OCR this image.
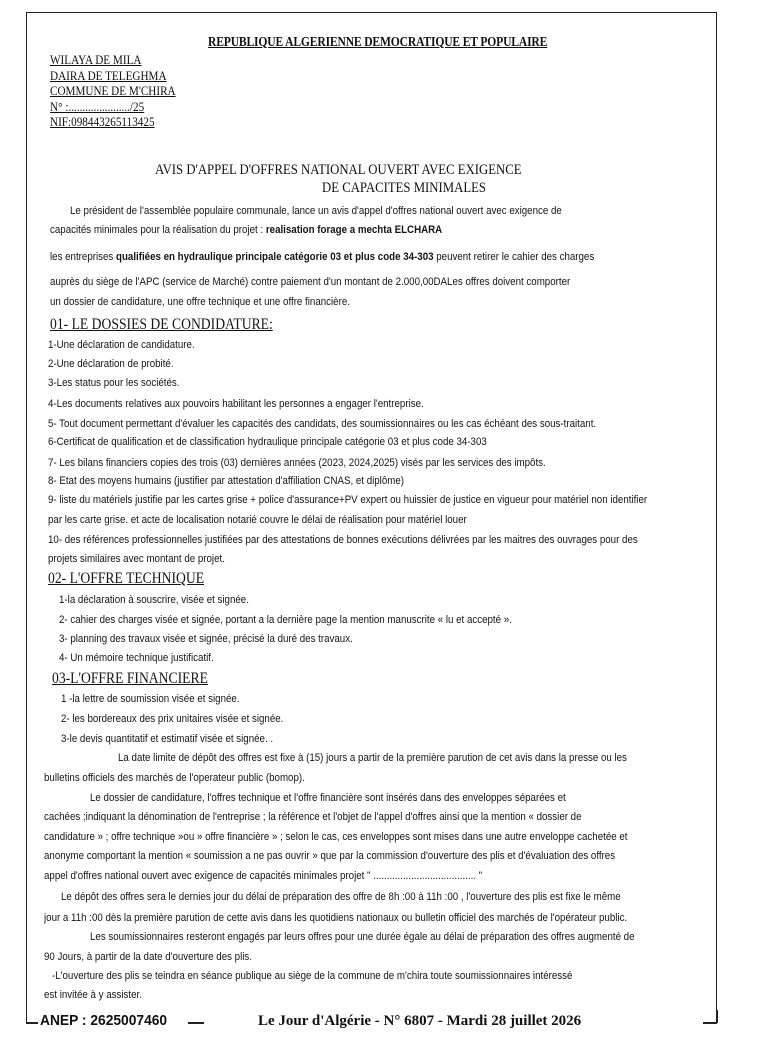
REPUBLIQUE ALGERIENNE DEMOCRATIQUE ET POPULAIRE
WILAYA DE MILA
DAIRA DE TELEGHMA
COMMUNE DE M'CHIRA
N° :....................../25
NIF:098443265113425
AVIS D'APPEL D'OFFRES NATIONAL OUVERT AVEC EXIGENCE
DE CAPACITES MINIMALES
Le président de l'assemblée populaire communale, lance un avis d'appel d'offres national ouvert avec exigence de
capacités minimales pour la réalisation du projet : realisation forage a mechta ELCHARA
les entreprises qualifiées en hydraulique principale catégorie 03 et plus code 34-303 peuvent retirer le cahier des charges
auprès du siège de l'APC (service de Marché) contre paiement d'un montant de 2.000,00DALes offres doivent comporter
un dossier de candidature, une offre technique et une offre financière.
01- LE DOSSIES DE CONDIDATURE:
1-Une déclaration de candidature.
2-Une déclaration de probité.
3-Les status pour les sociétés.
4-Les documents relatives aux pouvoirs habilitant les personnes a engager l'entreprise.
5- Tout document permettant d'évaluer les capacités des candidats, des soumissionnaires ou les cas échéant des sous-traitant.
6-Certificat de qualification et de classification hydraulique principale catégorie 03 et plus code 34-303
7- Les bilans financiers copies des trois (03) dernières années (2023, 2024,2025) visés par les services des impôts.
8- Etat des moyens humains (justifier par attestation d'affiliation CNAS, et diplôme)
9- liste du matériels justifie par les cartes grise + police d'assurance+PV expert ou huissier de justice en vigueur pour matériel non identifier
par les carte grise. et acte de localisation notarié couvre le délai de réalisation pour matériel louer
10- des références professionnelles justifiées par des attestations de bonnes exécutions délivrées par les maitres des ouvrages pour des
projets similaires avec montant de projet.
02- L'OFFRE TECHNIQUE
1-la déclaration à souscrire, visée et signée.
2- cahier des charges visée et signée, portant a la dernière page la mention manuscrite « lu et accepté ».
3- planning des travaux visée et signée, précisé la duré des travaux.
4- Un mémoire technique justificatif.
03-L'OFFRE FINANCIERE
1 -la lettre de soumission visée et signée.
2- les bordereaux des prix unitaires visée et signée.
3-le devis quantitatif et estimatif visée et signée. .
La date limite de dépôt des offres est fixe à (15) jours a partir de la première parution de cet avis dans la presse ou les
bulletins officiels des marchés de l'operateur public (bomop).
Le dossier de candidature, l'offres technique et l'offre financière sont insérés dans des enveloppes séparées et
cachées ;indiquant la dénomination de l'entreprise ; la référence et l'objet de l'appel d'offres ainsi que la mention « dossier de
candidature » ; offre technique »ou » offre financière » ; selon le cas, ces enveloppes sont mises dans une autre enveloppe cachetée et
anonyme comportant la mention « soumission a ne pas ouvrir » que par la commission d'ouverture des plis et d'évaluation des offres
appel d'offres national ouvert avec exigence de capacités minimales projet " ...................................... "
Le dépôt des offres sera le dernies jour du délai de préparation des offre de 8h :00 à 11h :00 , l'ouverture des plis est fixe le même
jour a 11h :00 dès la première parution de cette avis dans les quotidiens nationaux ou bulletin officiel des marchés de l'opérateur public.
Les soumissionnaires resteront engagés par leurs offres pour une durée égale au délai de préparation des offres augmenté de
90 Jours, à partir de la date d'ouverture des plis.
-L'ouverture des plis se teindra en séance publique au siège de la commune de m'chira toute soumissionnaires intéressé
est invitée à y assister.
ANEP : 2625007460	Le Jour d'Algérie - N° 6807 - Mardi 28 juillet 2026
